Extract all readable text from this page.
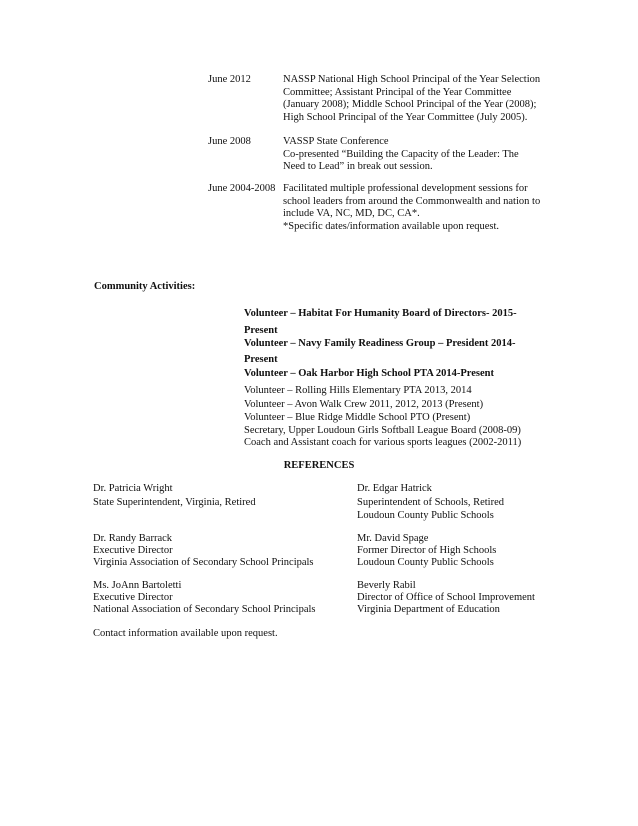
June 2012	NASSP National High School Principal of the Year Selection
Committee; Assistant Principal of the Year Committee
(January 2008); Middle School Principal of the Year (2008);
High School Principal of the Year Committee (July 2005).
June 2008	VASSP State Conference
Co-presented “Building the Capacity of the Leader: The
Need to Lead” in break out session.
June 2004-2008 Facilitated multiple professional development sessions for
school leaders from around the Commonwealth and nation to
include VA, NC, MD, DC, CA*.
*Specific dates/information available upon request.
Community Activities:
Volunteer – Habitat For Humanity Board of Directors- 2015-
Present
Volunteer – Navy Family Readiness Group – President 2014-
Present
Volunteer – Oak Harbor High School PTA 2014-Present
Volunteer – Rolling Hills Elementary PTA 2013, 2014
Volunteer – Avon Walk Crew 2011, 2012, 2013 (Present)
Volunteer – Blue Ridge Middle School PTO (Present)
Secretary, Upper Loudoun Girls Softball League Board (2008-09)
Coach and Assistant coach for various sports leagues (2002-2011)
REFERENCES
Dr. Patricia Wright
State Superintendent, Virginia, Retired
Dr. Edgar Hatrick
Superintendent of Schools, Retired
Loudoun County Public Schools
Dr. Randy Barrack
Executive Director
Virginia Association of Secondary School Principals
Mr. David Spage
Former Director of High Schools
Loudoun County Public Schools
Ms. JoAnn Bartoletti
Executive Director
National Association of Secondary School Principals
Beverly Rabil
Director of Office of School Improvement
Virginia Department of Education
Contact information available upon request.
